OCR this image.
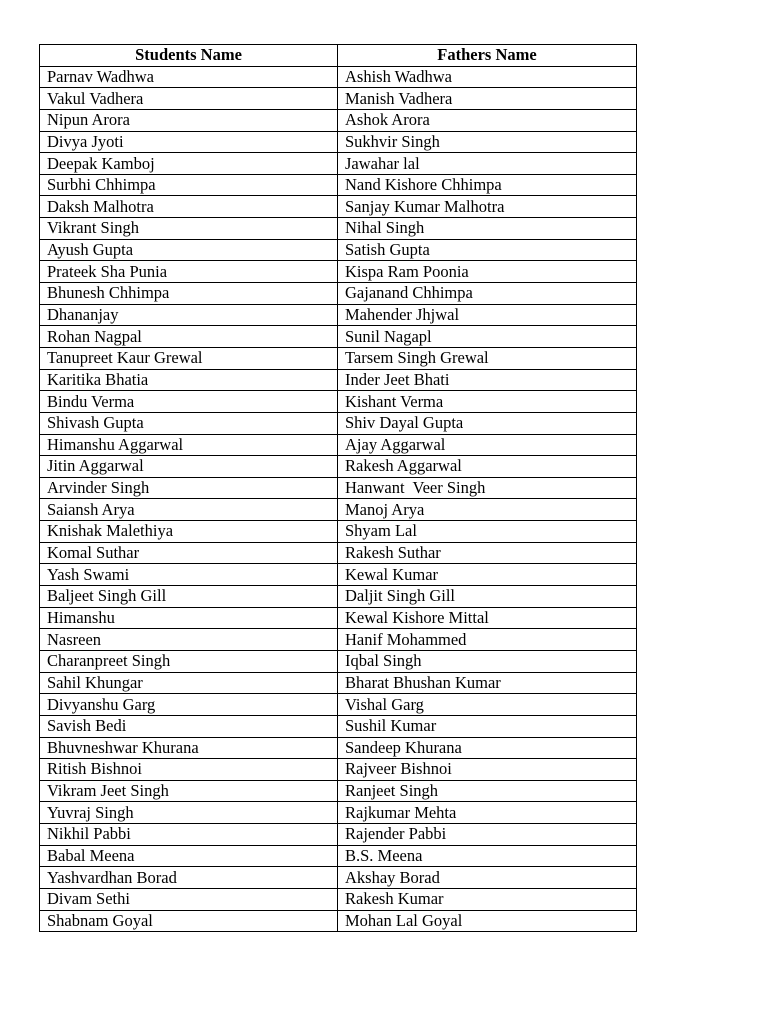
Students Name	Fathers Name
Parnav Wadhwa	Ashish Wadhwa
Vakul Vadhera	Manish Vadhera
Nipun Arora	Ashok Arora
Divya Jyoti	Sukhvir Singh
Deepak Kamboj	Jawahar lal
Surbhi Chhimpa	Nand Kishore Chhimpa
Daksh Malhotra	Sanjay Kumar Malhotra
Vikrant Singh	Nihal Singh
Ayush Gupta	Satish Gupta
Prateek Sha Punia	Kispa Ram Poonia
Bhunesh Chhimpa	Gajanand Chhimpa
Dhananjay	Mahender Jhjwal
Rohan Nagpal	Sunil Nagapl
Tanupreet Kaur Grewal	Tarsem Singh Grewal
Karitika Bhatia	Inder Jeet Bhati
Bindu Verma	Kishant Verma
Shivash Gupta	Shiv Dayal Gupta
Himanshu Aggarwal	Ajay Aggarwal
Jitin Aggarwal	Rakesh Aggarwal
Arvinder Singh	Hanwant  Veer Singh
Saiansh Arya	Manoj Arya
Knishak Malethiya	Shyam Lal
Komal Suthar	Rakesh Suthar
Yash Swami	Kewal Kumar
Baljeet Singh Gill	Daljit Singh Gill
Himanshu	Kewal Kishore Mittal
Nasreen	Hanif Mohammed
Charanpreet Singh	Iqbal Singh
Sahil Khungar	Bharat Bhushan Kumar
Divyanshu Garg	Vishal Garg
Savish Bedi	Sushil Kumar
Bhuvneshwar Khurana	Sandeep Khurana
Ritish Bishnoi	Rajveer Bishnoi
Vikram Jeet Singh	Ranjeet Singh
Yuvraj Singh	Rajkumar Mehta
Nikhil Pabbi	Rajender Pabbi
Babal Meena	B.S. Meena
Yashvardhan Borad	Akshay Borad
Divam Sethi	Rakesh Kumar
Shabnam Goyal	Mohan Lal Goyal
